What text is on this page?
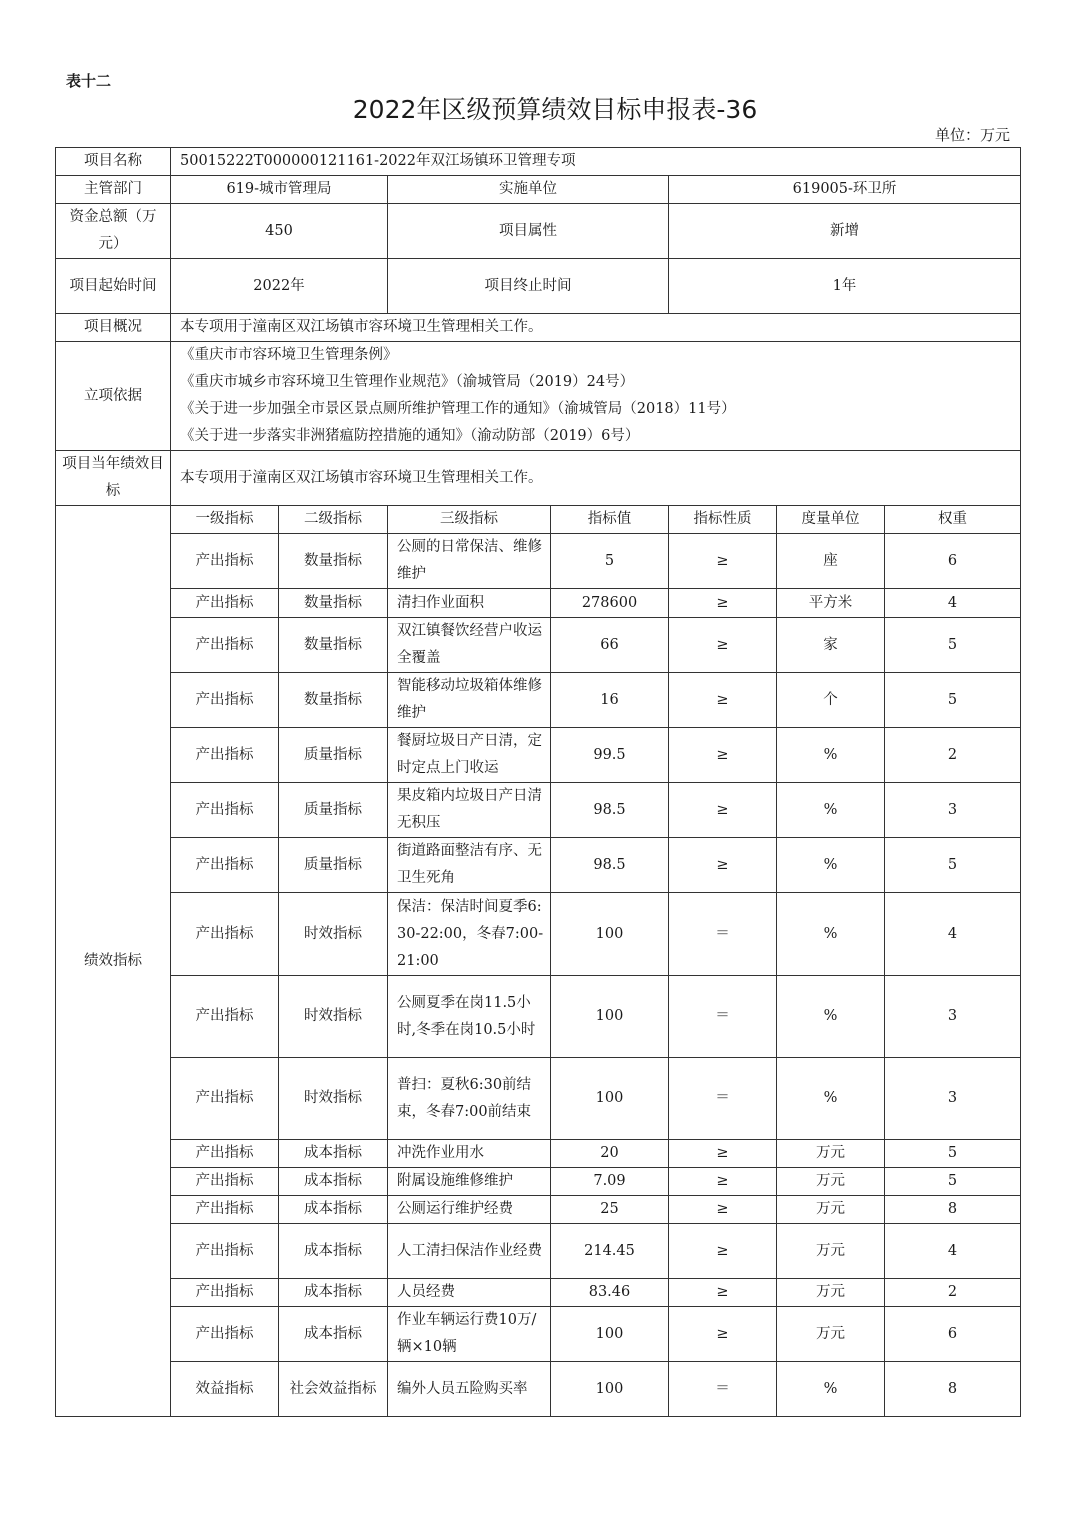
表十二
2022年区级预算绩效目标申报表-36
单位：万元
项目名称	50015222T000000121161-2022年双江场镇环卫管理专项						
主管部门	619-城市管理局		实施单位		619005-环卫所		
资金总额（万元）	450		项目属性		新增		
项目起始时间	2022年		项目终止时间		1年		
项目概况	本专项用于潼南区双江场镇市容环境卫生管理相关工作。						
立项依据	《重庆市市容环境卫生管理条例》
《重庆市城乡市容环境卫生管理作业规范》（渝城管局（2019）24号）
《关于进一步加强全市景区景点厕所维护管理工作的通知》（渝城管局（2018）11号）
《关于进一步落实非洲猪瘟防控措施的通知》（渝动防部（2019）6号）						

项目当年绩效目标	本专项用于潼南区双江场镇市容环境卫生管理相关工作。						
绩效指标	一级指标	二级指标	三级指标	指标值	指标性质	度量单位	权重
	产出指标	数量指标	公厕的日常保洁、维修维护	5	≥	座	6
	产出指标	数量指标	清扫作业面积	278600	≥	平方米	4
	产出指标	数量指标	双江镇餐饮经营户收运全覆盖	66	≥	家	5
	产出指标	数量指标	智能移动垃圾箱体维修维护	16	≥	个	5
	产出指标	质量指标	餐厨垃圾日产日清，定时定点上门收运	99.5	≥	%	2
	产出指标	质量指标	果皮箱内垃圾日产日清无积压	98.5	≥	%	3
	产出指标	质量指标	街道路面整洁有序、无卫生死角	98.5	≥	%	5
	产出指标	时效指标	保洁：保洁时间夏季6:30-22:00，冬春7:00-21:00	100	＝	%	4
	产出指标	时效指标	公厕夏季在岗11.5小时,冬季在岗10.5小时	100	＝	%	3
	产出指标	时效指标	普扫：夏秋6:30前结束，冬春7:00前结束	100	＝	%	3
	产出指标	成本指标	冲洗作业用水	20	≥	万元	5
	产出指标	成本指标	附属设施维修维护	7.09	≥	万元	5
	产出指标	成本指标	公厕运行维护经费	25	≥	万元	8
	产出指标	成本指标	人工清扫保洁作业经费	214.45	≥	万元	4
	产出指标	成本指标	人员经费	83.46	≥	万元	2
	产出指标	成本指标	作业车辆运行费10万/辆×10辆	100	≥	万元	6
	效益指标	社会效益指标	编外人员五险购买率	100	＝	%	8
